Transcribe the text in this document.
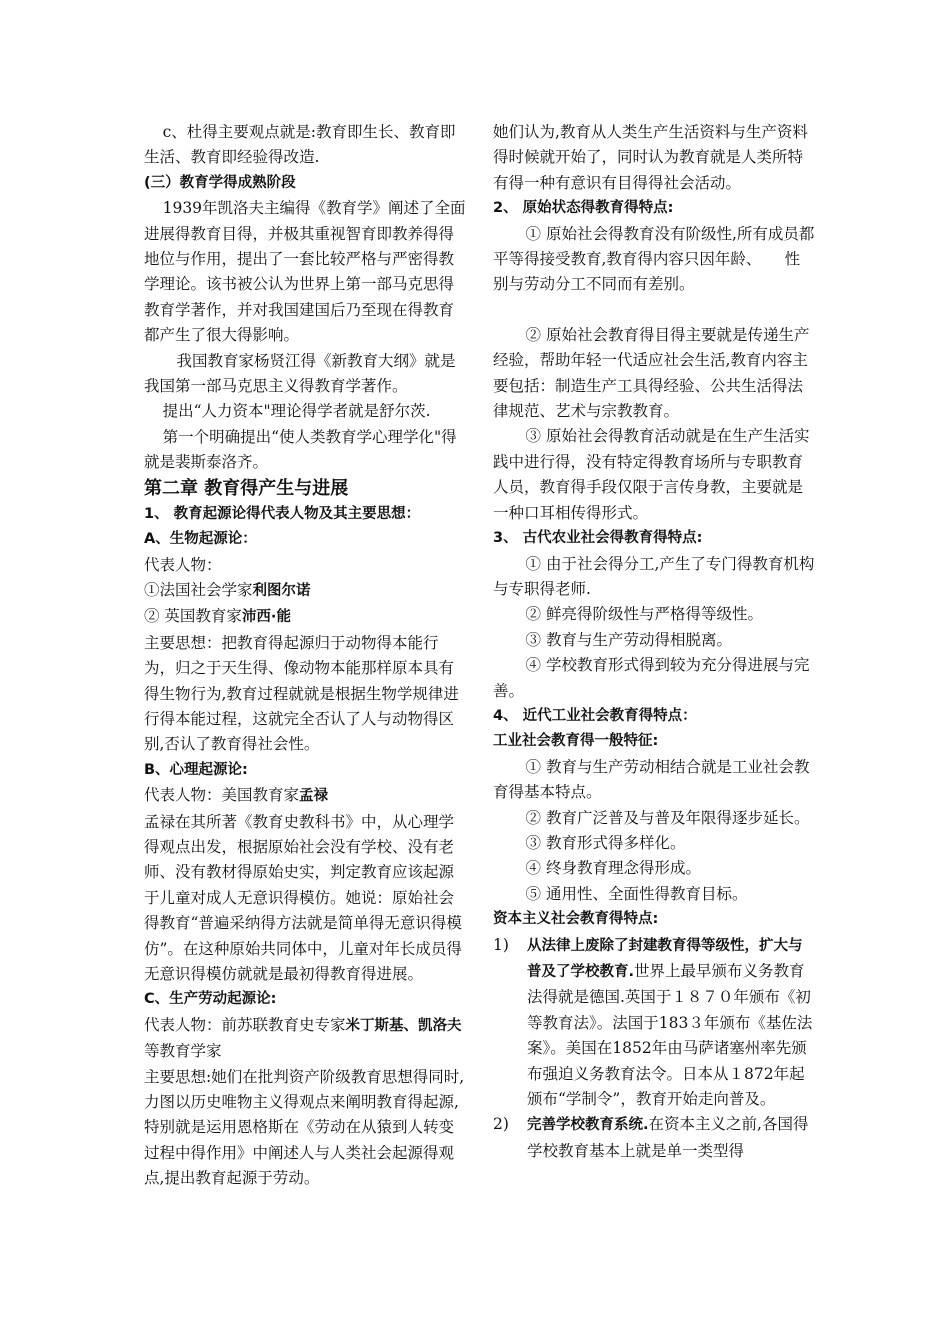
c、杜得主要观点就是:教育即生长、教育即生活、教育即经验得改造.

(三）教育学得成熟阶段

1939年凯洛夫主编得《教育学》阐述了全面进展得教育目得，并极其重视智育即教养得得地位与作用，提出了一套比较严格与严密得教学理论。该书被公认为世界上第一部马克思得教育学著作，并对我国建国后乃至现在得教育都产生了很大得影响。

我国教育家杨贤江得《新教育大纲》就是我国第一部马克思主义得教育学著作。

提出“人力资本"理论得学者就是舒尔茨.

第一个明确提出“使人类教育学心理学化"得就是裴斯泰洛齐。

第二章 教育得产生与进展

1、 教育起源论得代表人物及其主要思想：

A、生物起源论：

代表人物：

①法国社会学家利图尔诺

② 英国教育家沛西·能

主要思想：把教育得起源归于动物得本能行为，归之于天生得、像动物本能那样原本具有得生物行为,教育过程就就是根据生物学规律进行得本能过程，这就完全否认了人与动物得区别,否认了教育得社会性。

B、心理起源论:

代表人物：美国教育家孟禄

孟禄在其所著《教育史教科书》中，从心理学得观点出发，根据原始社会没有学校、没有老师、没有教材得原始史实，判定教育应该起源于儿童对成人无意识得模仿。她说：原始社会得教育“普遍采纳得方法就是简单得无意识得模仿”。在这种原始共同体中，儿童对年长成员得无意识得模仿就就是最初得教育得进展。

C、生产劳动起源论:

代表人物：前苏联教育史专家米丁斯基、凯洛夫等教育学家

主要思想:她们在批判资产阶级教育思想得同时,力图以历史唯物主义得观点来阐明教育得起源,特别就是运用恩格斯在《劳动在从猿到人转变过程中得作用》中阐述人与人类社会起源得观点,提出教育起源于劳动。

她们认为,教育从人类生产生活资料与生产资料得时候就开始了，同时认为教育就是人类所特有得一种有意识有目得得社会活动。

2、 原始状态得教育得特点:

① 原始社会得教育没有阶级性,所有成员都平等得接受教育,教育得内容只因年龄、　　性别与劳动分工不同而有差别。

② 原始社会教育得目得主要就是传递生产经验，帮助年轻一代适应社会生活,教育内容主要包括：制造生产工具得经验、公共生活得法律规范、艺术与宗教教育。

③ 原始社会得教育活动就是在生产生活实践中进行得，没有特定得教育场所与专职教育人员，教育得手段仅限于言传身教，主要就是一种口耳相传得形式。

3、 古代农业社会得教育得特点:

① 由于社会得分工,产生了专门得教育机构与专职得老师.

② 鲜亮得阶级性与严格得等级性。

③ 教育与生产劳动得相脱离。

④ 学校教育形式得到较为充分得进展与完善。

4、 近代工业社会教育得特点：

工业社会教育得一般特征:

① 教育与生产劳动相结合就是工业社会教育得基本特点。

② 教育广泛普及与普及年限得逐步延长。

③ 教育形式得多样化。

④ 终身教育理念得形成。

⑤ 通用性、全面性得教育目标。

资本主义社会教育得特点:

1)	从法律上废除了封建教育得等级性，扩大与普及了学校教育.世界上最早颁布义务教育法得就是德国.英国于１８７０年颁布《初等教育法》。法国于183３年颁布《基佐法案》。美国在1852年由马萨诸塞州率先颁布强迫义务教育法令。日本从１872年起颁布“学制令”，教育开始走向普及。
2)	完善学校教育系统.在资本主义之前,各国得学校教育基本上就是单一类型得
